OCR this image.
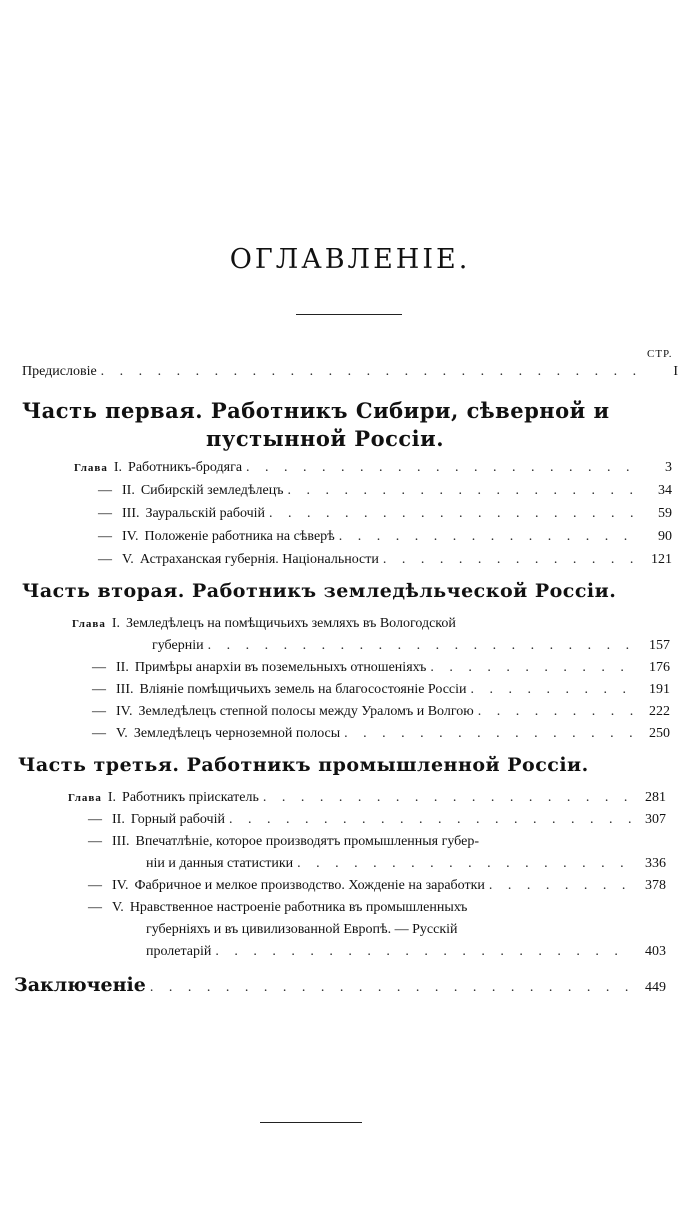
ОГЛАВЛЕНІЕ.
СТР.
Предисловіе . . .	I
Часть первая. Работникъ Сибири, сѣверной и
пустынной Россіи.
Глава I. Работникъ-бродяга . . .	3
— II. Сибирскій земледѣлецъ . . .	34
— III. Зауральскій рабочій . . .	59
— IV. Положеніе работника на сѣверѣ . . .	90
— V. Астраханская губернія. Національности . . .	121
Часть вторая. Работникъ земледѣльческой Россіи.
Глава I. Земледѣлецъ на помѣщичьихъ земляхъ въ Вологодской
губерніи . . .	157
— II. Примѣры анархіи въ поземельныхъ отношеніяхъ . . .	176
— III. Вліяніе помѣщичьихъ земель на благосостояніе Россіи . . .	191
— IV. Земледѣлецъ степной полосы между Ураломъ и Волгою . . .	222
— V. Земледѣлецъ черноземной полосы . . .	250
Часть третья. Работникъ промышленной Россіи.
Глава I. Работникъ пріискатель . . .	281
— II. Горный рабочій . . .	307
— III. Впечатлѣніе, которое производятъ промышленныя губер-
ніи и данныя статистики . . .	336
— IV. Фабричное и мелкое производство. Хожденіе на заработки . . .	378
— V. Нравственное настроеніе работника въ промышленныхъ
губерніяхъ и въ цивилизованной Европѣ. — Русскій
пролетарій . . .	403
Заключеніе . . .	449
